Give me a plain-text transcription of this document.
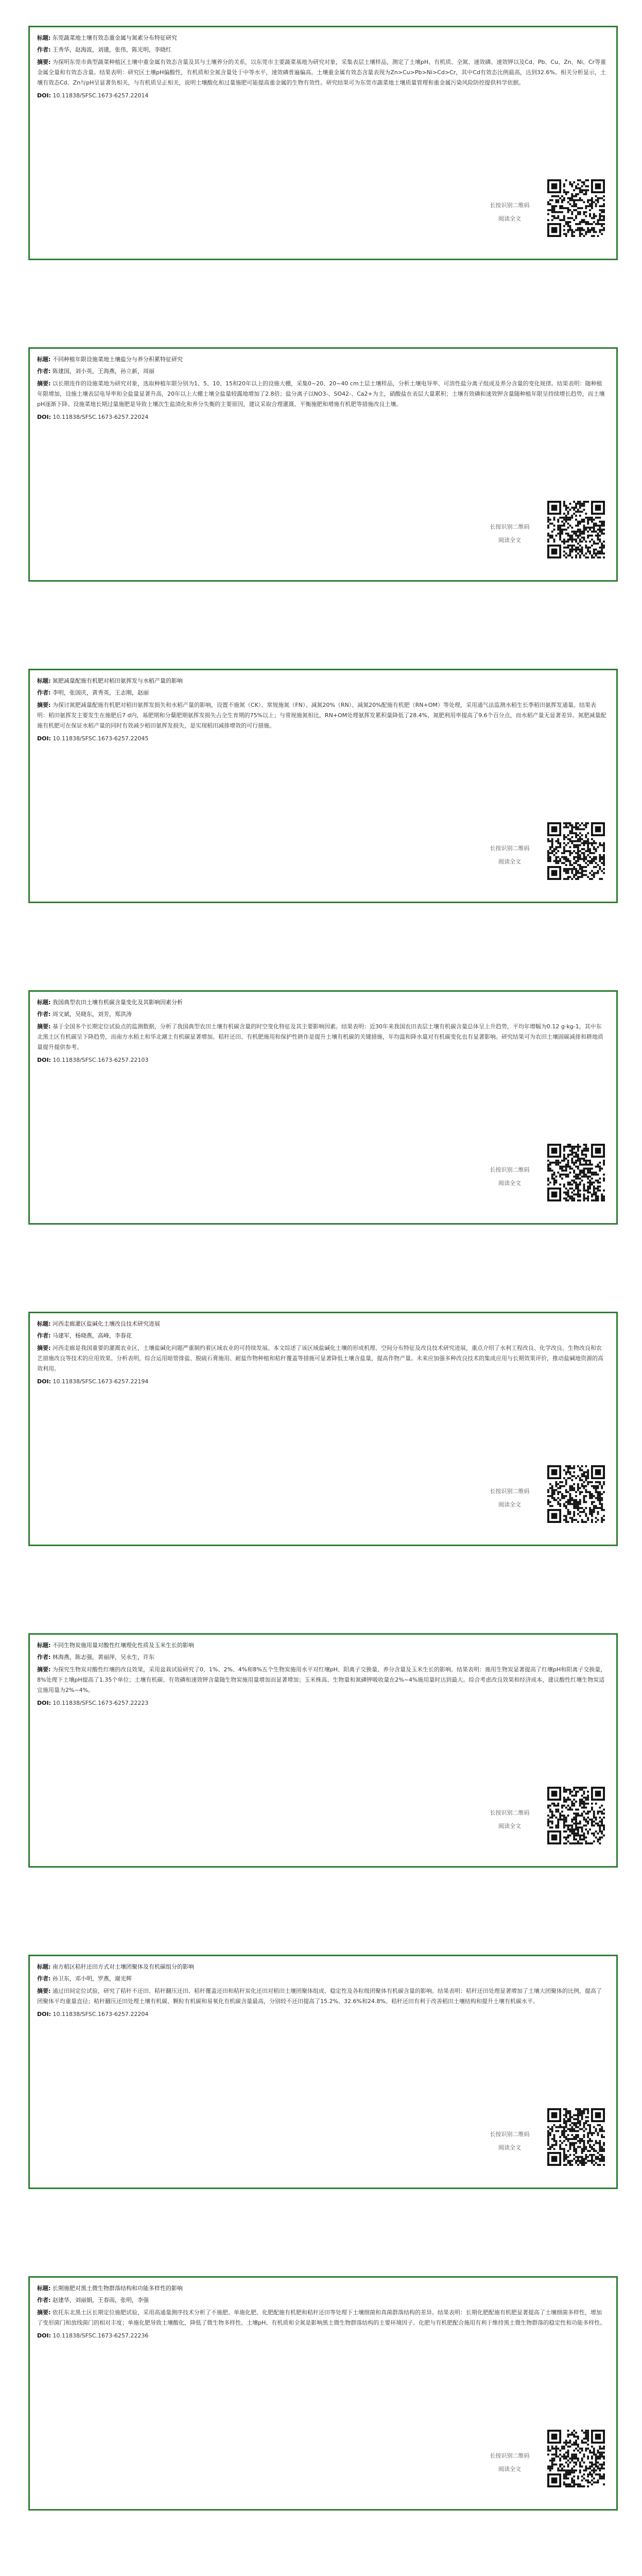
标题: 东莞蔬菜地土壤有效态重金属与氮素分布特征研究
作者: 王秀华，赵海波，刘建，张伟，陈光明，李晓红
摘要: 为探明东莞市典型蔬菜种植区土壤中重金属有效态含量及其与土壤养分的关系，以东莞市主要蔬菜基地为研究对象，采集表层土壤样品，测定了土壤pH、有机质、全氮、速效磷、速效钾以及Cd、Pb、Cu、Zn、Ni、Cr等重金属全量和有效态含量。结果表明：研究区土壤pH偏酸性，有机质和全氮含量处于中等水平，速效磷普遍偏高。土壤重金属有效态含量表现为Zn>Cu>Pb>Ni>Cd>Cr，其中Cd有效态比例最高，达到32.6%。相关分析显示，土壤有效态Cd、Zn与pH呈显著负相关，与有机质呈正相关，说明土壤酸化和过量施肥可能提高重金属的生物有效性。研究结果可为东莞市蔬菜地土壤质量管理和重金属污染风险防控提供科学依据。
DOI: 10.11838/SFSC.1673-6257.22014
长按识别二维码
阅读全文
标题: 不同种植年限设施菜地土壤盐分与养分积累特征研究
作者: 陈建国，刘小英，王海燕，孙立新，周丽
摘要: 以长期连作的设施菜地为研究对象，选取种植年限分别为1、5、10、15和20年以上的设施大棚，采集0~20、20~40 cm土层土壤样品，分析土壤电导率、可溶性盐分离子组成及养分含量的变化规律。结果表明：随种植年限增加，设施土壤表层电导率和全盐量显著升高，20年以上大棚土壤全盐量较露地增加了2.8倍；盐分离子以NO3-、SO42-、Ca2+为主，硝酸盐在表层大量累积；土壤有效磷和速效钾含量随种植年限呈持续增长趋势，而土壤pH逐渐下降。设施菜地长期过量施肥是导致土壤次生盐渍化和养分失衡的主要原因，建议采取合理灌溉、平衡施肥和增施有机肥等措施改良土壤。
DOI: 10.11838/SFSC.1673-6257.22024
长按识别二维码
阅读全文
标题: 氮肥减量配施有机肥对稻田氨挥发与水稻产量的影响
作者: 李明，张国庆，黄秀英，王志刚，赵丽
摘要: 为探讨氮肥减量配施有机肥对稻田氨挥发损失和水稻产量的影响，设置不施氮（CK）、常规施氮（FN）、减氮20%（RN）、减氮20%配施有机肥（RN+OM）等处理，采用通气法监测水稻生长季稻田氨挥发通量。结果表明：稻田氨挥发主要发生在施肥后7 d内，基肥期和分蘖肥期氨挥发损失占全生育期的75%以上；与常规施氮相比，RN+OM处理氨挥发累积量降低了28.4%，氮肥利用率提高了9.6个百分点，而水稻产量无显著差异。氮肥减量配施有机肥可在保证水稻产量的同时有效减少稻田氨挥发损失，是实现稻田减排增效的可行措施。
DOI: 10.11838/SFSC.1673-6257.22045
长按识别二维码
阅读全文
标题: 我国典型农田土壤有机碳含量变化及其影响因素分析
作者: 周文斌，吴晓东，刘芳，郑洪涛
摘要: 基于全国多个长期定位试验点的监测数据，分析了我国典型农田土壤有机碳含量的时空变化特征及其主要影响因素。结果表明：近30年来我国农田表层土壤有机碳含量总体呈上升趋势，平均年增幅为0.12 g·kg-1，其中东北黑土区有机碳呈下降趋势，而南方水稻土和华北潮土有机碳显著增加。秸秆还田、有机肥施用和保护性耕作是提升土壤有机碳的关键措施，年均温和降水量对有机碳变化也有显著影响。研究结果可为农田土壤固碳减排和耕地质量提升提供参考。
DOI: 10.11838/SFSC.1673-6257.22103
长按识别二维码
阅读全文
标题: 河西走廊灌区盐碱化土壤改良技术研究进展
作者: 马建军，杨晓燕，高峰，李春花
摘要: 河西走廊是我国重要的灌溉农业区，土壤盐碱化问题严重制约着区域农业的可持续发展。本文综述了该区域盐碱化土壤的形成机理、空间分布特征及改良技术研究进展，重点介绍了水利工程改良、化学改良、生物改良和农艺措施改良等技术的应用效果。分析表明，综合运用暗管排盐、脱硫石膏施用、耐盐作物种植和秸秆覆盖等措施可显著降低土壤含盐量，提高作物产量。未来应加强多种改良技术的集成应用与长期效果评价，推动盐碱地资源的高效利用。
DOI: 10.11838/SFSC.1673-6257.22194
长按识别二维码
阅读全文
标题: 不同生物炭施用量对酸性红壤理化性质及玉米生长的影响
作者: 林海燕，陈志强，黄丽萍，吴永生，许东
摘要: 为探究生物炭对酸性红壤的改良效果，采用盆栽试验研究了0、1%、2%、4%和8%五个生物炭施用水平对红壤pH、阳离子交换量、养分含量及玉米生长的影响。结果表明：施用生物炭显著提高了红壤pH和阳离子交换量，8%处理下土壤pH提高了1.35个单位；土壤有机碳、有效磷和速效钾含量随生物炭施用量增加而显著增加；玉米株高、生物量和氮磷钾吸收量在2%~4%施用量时达到最大。综合考虑改良效果和经济成本，建议酸性红壤生物炭适宜施用量为2%~4%。
DOI: 10.11838/SFSC.1673-6257.22223
长按识别二维码
阅读全文
标题: 南方稻区秸秆还田方式对土壤团聚体及有机碳组分的影响
作者: 孙卫东，邓小明，罗燕，谢光辉
摘要: 通过田间定位试验，研究了秸秆不还田、秸秆翻压还田、秸秆覆盖还田和秸秆炭化还田对稻田土壤团聚体组成、稳定性及各粒级团聚体有机碳含量的影响。结果表明：秸秆还田处理显著增加了土壤大团聚体的比例，提高了团聚体平均重量直径；秸秆翻压还田处理土壤有机碳、颗粒有机碳和易氧化有机碳含量最高，分别较不还田提高了15.2%、32.6%和24.8%。秸秆还田有利于改善稻田土壤结构和提升土壤有机碳水平。
DOI: 10.11838/SFSC.1673-6257.22204
长按识别二维码
阅读全文
标题: 长期施肥对黑土微生物群落结构和功能多样性的影响
作者: 赵建华，刘丽娟，王春雨，张明，李强
摘要: 依托东北黑土区长期定位施肥试验，采用高通量测序技术分析了不施肥、单施化肥、化肥配施有机肥和秸秆还田等处理下土壤细菌和真菌群落结构的差异。结果表明：长期化肥配施有机肥显著提高了土壤细菌多样性，增加了变形菌门和放线菌门的相对丰度；单施化肥导致土壤酸化，降低了微生物多样性。土壤pH、有机质和全氮是影响黑土微生物群落结构的主要环境因子。化肥与有机肥配合施用有利于维持黑土微生物群落的稳定性和功能多样性。
DOI: 10.11838/SFSC.1673-6257.22236
长按识别二维码
阅读全文
